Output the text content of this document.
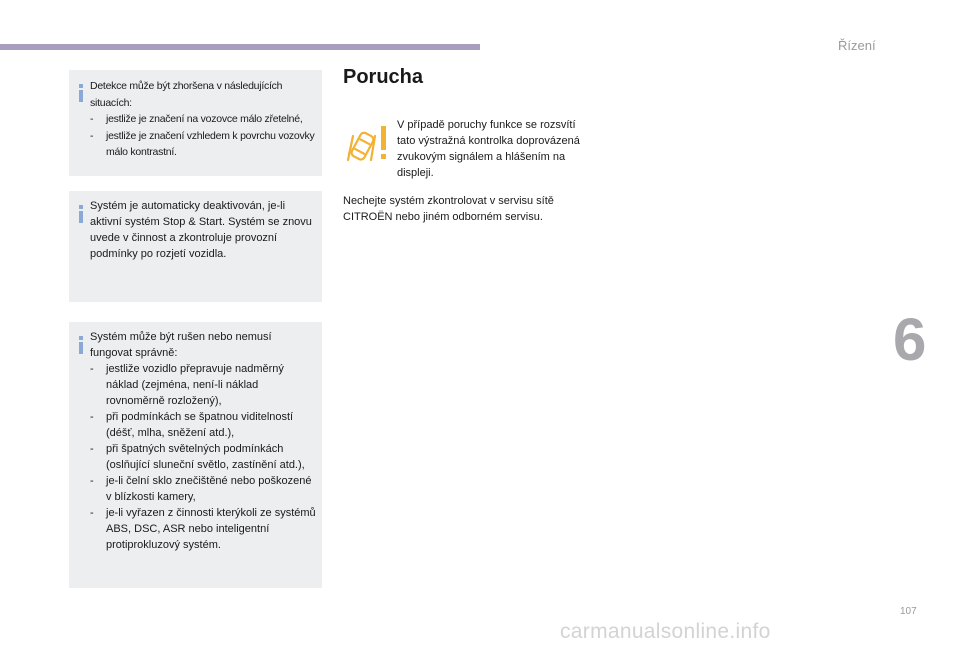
Řízení
6
107
carmanualsonline.info

Detekce může být zhoršena v následujících situacích:

- jestliže je značení na vozovce málo zřetelné,
- jestliže je značení vzhledem k povrchu vozovky málo kontrastní.

Systém je automaticky deaktivován, je-li aktivní systém Stop & Start. Systém se znovu uvede v činnost a zkontroluje provozní podmínky po rozjetí vozidla.

Systém může být rušen nebo nemusí fungovat správně:

- jestliže vozidlo přepravuje nadměrný náklad (zejména, není-li náklad rovnoměrně rozložený),
- při podmínkách se špatnou viditelností (déšť, mlha, sněžení atd.),
- při špatných světelných podmínkách (oslňující sluneční světlo, zastínění atd.),
- je-li čelní sklo znečištěné nebo poškozené v blízkosti kamery,
- je-li vyřazen z činnosti kterýkoli ze systémů ABS, DSC, ASR nebo inteligentní protiprokluzový systém.
Porucha

V případě poruchy funkce se rozsvítí tato výstražná kontrolka doprovázená zvukovým signálem a hlášením na displeji.

Nechejte systém zkontrolovat v servisu sítě CITROËN nebo jiném odborném servisu.
